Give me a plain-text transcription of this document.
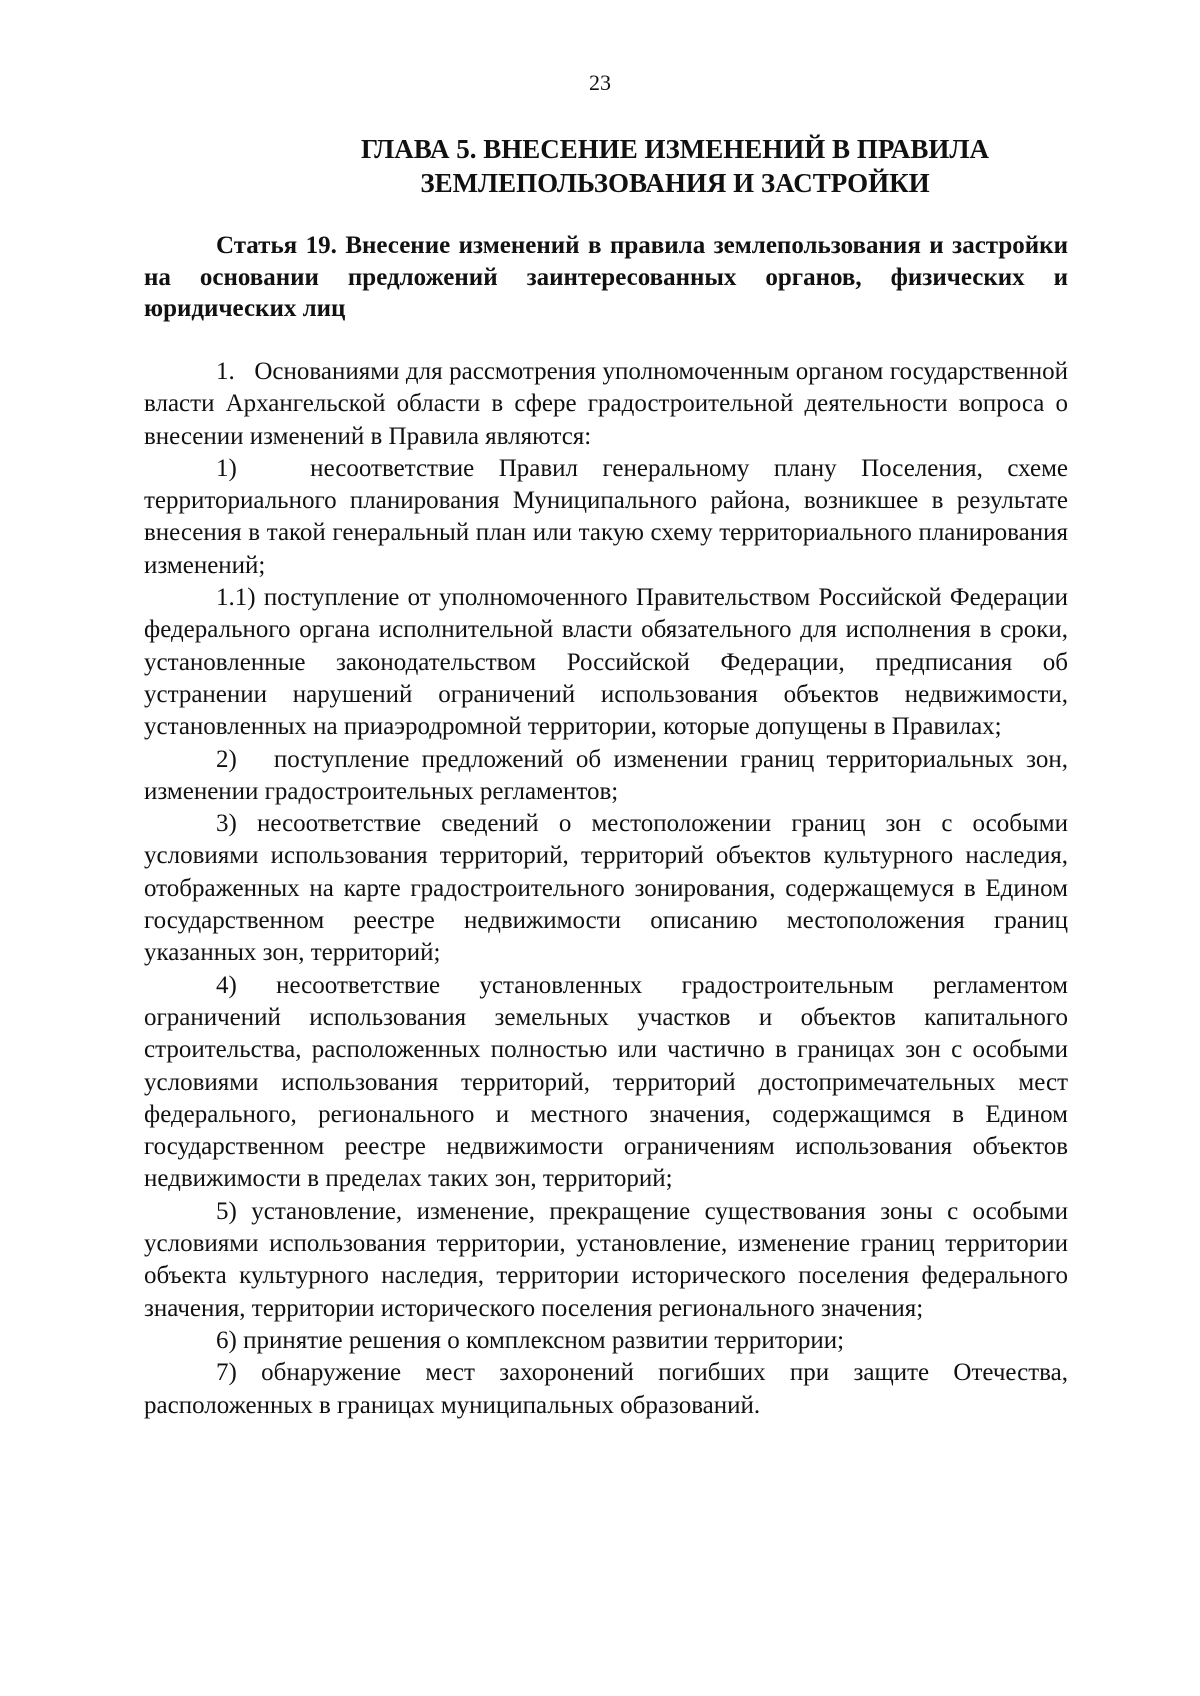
23
ГЛАВА 5. ВНЕСЕНИЕ ИЗМЕНЕНИЙ В ПРАВИЛА
ЗЕМЛЕПОЛЬЗОВАНИЯ И ЗАСТРОЙКИ
Статья 19. Внесение изменений в правила землепользования и застройки на основании предложений заинтересованных органов, физических и юридических лиц

1.   Основаниями для рассмотрения уполномоченным органом государственной власти Архангельской области в сфере градостроительной деятельности вопроса о внесении изменений в Правила являются:

1)   несоответствие Правил генеральному плану Поселения, схеме территориального планирования Муниципального района, возникшее в результате внесения в такой генеральный план или такую схему территориального планирования изменений;

1.1) поступление от уполномоченного Правительством Российской Федерации федерального органа исполнительной власти обязательного для исполнения в сроки, установленные законодательством Российской Федерации, предписания об устранении нарушений ограничений использования объектов недвижимости, установленных на приаэродромной территории, которые допущены в Правилах;

2)   поступление предложений об изменении границ территориальных зон, изменении градостроительных регламентов;

3) несоответствие сведений о местоположении границ зон с особыми условиями использования территорий, территорий объектов культурного наследия, отображенных на карте градостроительного зонирования, содержащемуся в Едином государственном реестре недвижимости описанию местоположения границ указанных зон, территорий;

4) несоответствие установленных градостроительным регламентом ограничений использования земельных участков и объектов капитального строительства, расположенных полностью или частично в границах зон с особыми условиями использования территорий, территорий достопримечательных мест федерального, регионального и местного значения, содержащимся в Едином государственном реестре недвижимости ограничениям использования объектов недвижимости в пределах таких зон, территорий;

5) установление, изменение, прекращение существования зоны с особыми условиями использования территории, установление, изменение границ территории объекта культурного наследия, территории исторического поселения федерального значения, территории исторического поселения регионального значения;

6) принятие решения о комплексном развитии территории;

7) обнаружение мест захоронений погибших при защите Отечества, расположенных в границах муниципальных образований.
